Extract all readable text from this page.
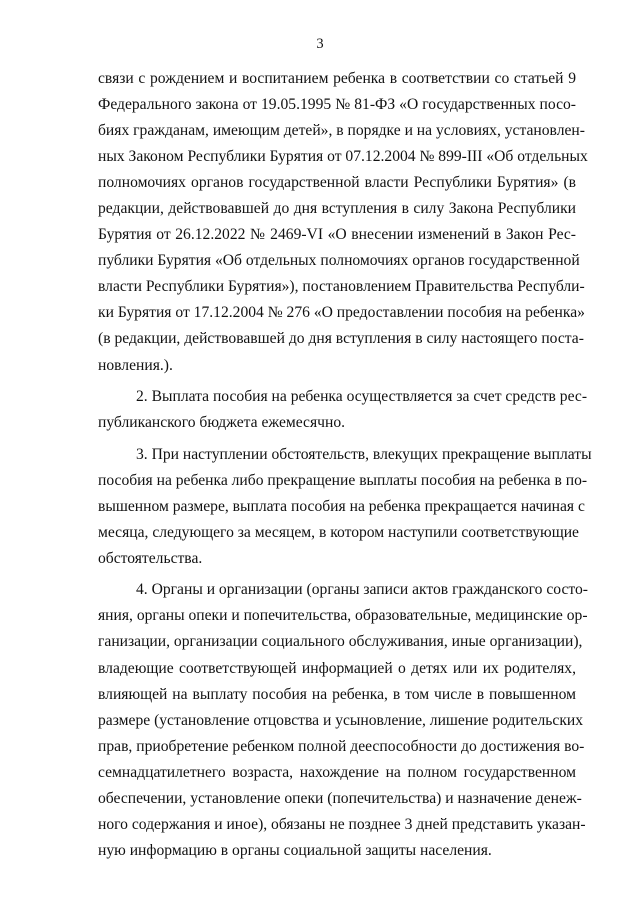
3
связи с рождением и воспитанием ребенка в соответствии со статьей 9
Федерального закона от 19.05.1995 № 81-ФЗ «О государственных посо-
биях гражданам, имеющим детей», в порядке и на условиях, установлен-
ных Законом Республики Бурятия от 07.12.2004 № 899-III «Об отдельных
полномочиях органов государственной власти Республики Бурятия» (в
редакции, действовавшей до дня вступления в силу Закона Республики
Бурятия от 26.12.2022 № 2469-VI «О внесении изменений в Закон Рес-
публики Бурятия «Об отдельных полномочиях органов государственной
власти Республики Бурятия»), постановлением Правительства Республи-
ки Бурятия от 17.12.2004 № 276 «О предоставлении пособия на ребенка»
(в редакции, действовавшей до дня вступления в силу настоящего поста-
новления.).
2. Выплата пособия на ребенка осуществляется за счет средств рес-
публиканского бюджета ежемесячно.
3. При наступлении обстоятельств, влекущих прекращение выплаты
пособия на ребенка либо прекращение выплаты пособия на ребенка в по-
вышенном размере, выплата пособия на ребенка прекращается начиная с
месяца, следующего за месяцем, в котором наступили соответствующие
обстоятельства.
4. Органы и организации (органы записи актов гражданского состо-
яния, органы опеки и попечительства, образовательные, медицинские ор-
ганизации, организации социального обслуживания, иные организации),
владеющие соответствующей информацией о детях или их родителях,
влияющей на выплату пособия на ребенка, в том числе в повышенном
размере (установление отцовства и усыновление, лишение родительских
прав, приобретение ребенком полной дееспособности до достижения во-
семнадцатилетнего возраста, нахождение на полном государственном
обеспечении, установление опеки (попечительства) и назначение денеж-
ного содержания и иное), обязаны не позднее 3 дней представить указан-
ную информацию в органы социальной защиты населения.
